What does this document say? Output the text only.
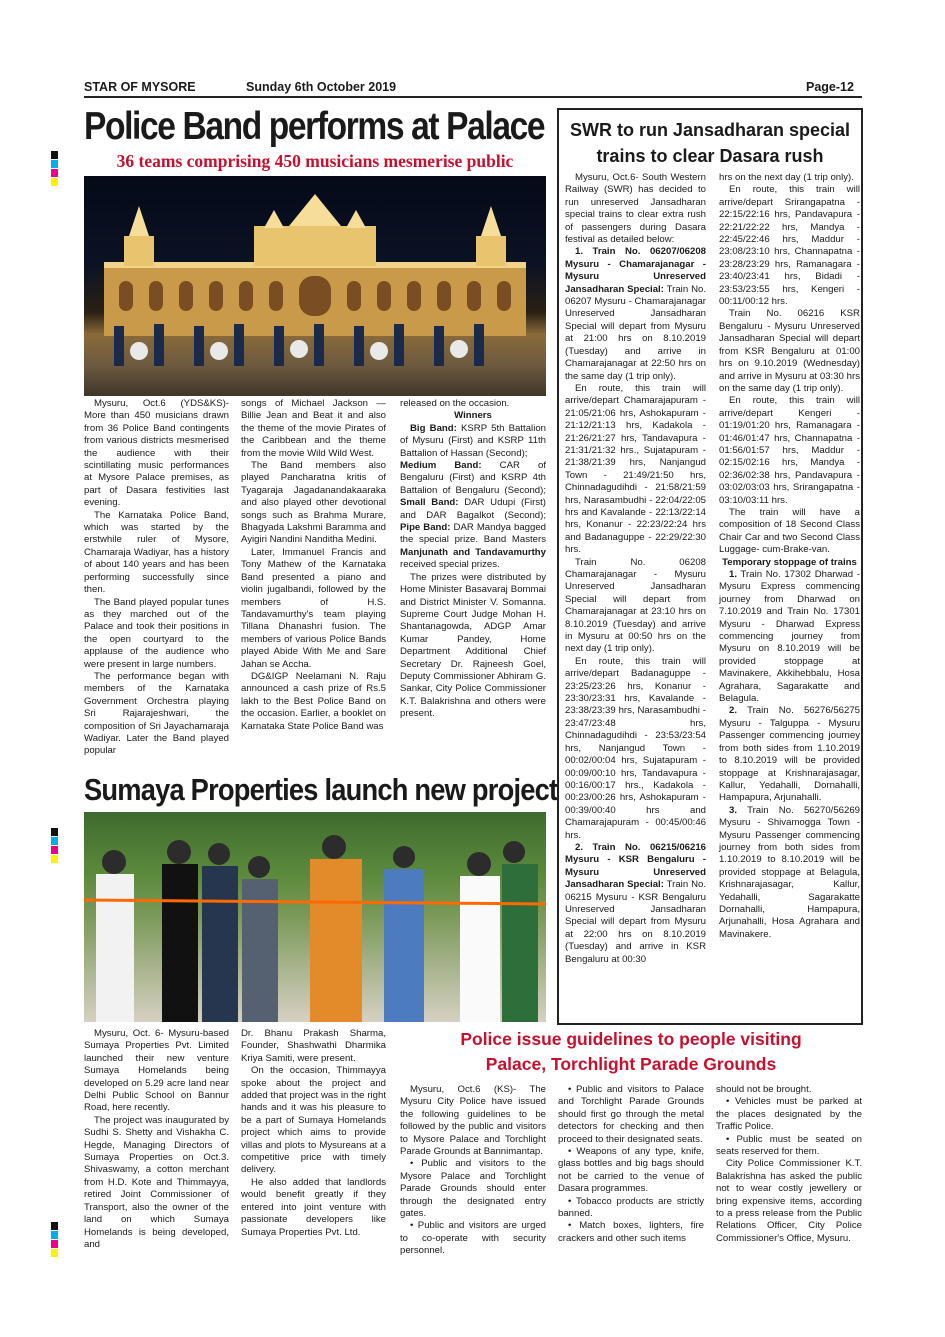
STAR OF MYSORE	Sunday 6th October 2019	Page-12
Police Band performs at Palace
36 teams comprising 450 musicians mesmerise public

Mysuru, Oct.6 (YDS&KS)- More than 450 musicians drawn from 36 Police Band contingents from various districts mesmerised the audience with their scintillating music performances at Mysore Palace premises, as part of Dasara festivities last evening.

The Karnataka Police Band, which was started by the erstwhile ruler of Mysore, Chamaraja Wadiyar, has a history of about 140 years and has been performing successfully since then.

The Band played popular tunes as they marched out of the Palace and took their positions in the open courtyard to the applause of the audience who were present in large numbers.

The performance began with members of the Karnataka Government Orchestra playing Sri Rajarajeshwari, the composition of Sri Jayachamaraja Wadiyar. Later the Band played popular

songs of Michael Jackson — Billie Jean and Beat it and also the theme of the movie Pirates of the Caribbean and the theme from the movie Wild Wild West.

The Band members also played Pancharatna kritis of Tyagaraja Jagadanandakaaraka and also played other devotional songs such as Brahma Murare, Bhagyada Lakshmi Baramma and Ayigiri Nandini Nanditha Medini.

Later, Immanuel Francis and Tony Mathew of the Karnataka Band presented a piano and violin jugalbandi, followed by the members of H.S. Tandavamurthy's team playing Tillana Dhanashri fusion. The members of various Police Bands played Abide With Me and Sare Jahan se Accha.

DG&IGP Neelamani N. Raju announced a cash prize of Rs.5 lakh to the Best Police Band on the occasion. Earlier, a booklet on Karnataka State Police Band was

released on the occasion.

Winners

Big Band: KSRP 5th Battalion of Mysuru (First) and KSRP 11th Battalion of Hassan (Second);

Medium Band: CAR of Bengaluru (First) and KSRP 4th Battalion of Bengaluru (Second); Small Band: DAR Udupi (First) and DAR Bagalkot (Second); Pipe Band: DAR Mandya bagged the special prize. Band Masters Manjunath and Tandavamurthy received special prizes.

The prizes were distributed by Home Minister Basavaraj Bommai and District Minister V. Somanna. Supreme Court Judge Mohan H. Shantanagowda, ADGP Amar Kumar Pandey, Home Department Additional Chief Secretary Dr. Rajneesh Goel, Deputy Commissioner Abhiram G. Sankar, City Police Commissioner K.T. Balakrishna and others were present.

Sumaya Properties launch new project

Mysuru, Oct. 6- Mysuru-based Sumaya Properties Pvt. Limited launched their new venture Sumaya Homelands being developed on 5.29 acre land near Delhi Public School on Bannur Road, here recently.

The project was inaugurated by Sudhi S. Shetty and Vishakha C. Hegde, Managing Directors of Sumaya Properties on Oct.3. Shivaswamy, a cotton merchant from H.D. Kote and Thimmayya, retired Joint Commissioner of Transport, also the owner of the land on which Sumaya Homelands is being developed, and

Dr. Bhanu Prakash Sharma, Founder, Shashwathi Dharmika Kriya Samiti, were present.

On the occasion, Thimmayya spoke about the project and added that project was in the right hands and it was his pleasure to be a part of Sumaya Homelands project which aims to provide villas and plots to Mysureans at a competitive price with timely delivery.

He also added that landlords would benefit greatly if they entered into joint venture with passionate developers like Sumaya Properties Pvt. Ltd.

SWR to run Jansadharan special
trains to clear Dasara rush

Mysuru, Oct.6- South Western Railway (SWR) has decided to run unreserved Jansadharan special trains to clear extra rush of passengers during Dasara festival as detailed below:

1. Train No. 06207/06208 Mysuru - Chamarajanagar - Mysuru Unreserved Jansadharan Special: Train No. 06207 Mysuru - Chamarajanagar Unreserved Jansadharan Special will depart from Mysuru at 21:00 hrs on 8.10.2019 (Tuesday) and arrive in Chamarajanagar at 22:50 hrs on the same day (1 trip only).

En route, this train will arrive/depart Chamarajapuram - 21:05/21:06 hrs, Ashokapuram - 21:12/21:13 hrs, Kadakola - 21:26/21:27 hrs, Tandavapura - 21:31/21:32 hrs., Sujatapuram - 21:38/21:39 hrs, Nanjangud Town - 21:49/21:50 hrs, Chinnadagudihdi - 21:58/21:59 hrs, Narasambudhi - 22:04/22:05 hrs and Kavalande - 22:13/22:14 hrs, Konanur - 22:23/22:24 hrs and Badanaguppe - 22:29/22:30 hrs.

Train No. 06208 Chamarajanagar - Mysuru Unreserved Jansadharan Special will depart from Chamarajanagar at 23:10 hrs on 8.10.2019 (Tuesday) and arrive in Mysuru at 00:50 hrs on the next day (1 trip only).

En route, this train will arrive/depart Badanaguppe - 23:25/23:26 hrs, Konanur - 23:30/23:31 hrs, Kavalande - 23:38/23:39 hrs, Narasambudhi - 23:47/23:48 hrs, Chinnadagudihdi - 23:53/23:54 hrs, Nanjangud Town - 00:02/00:04 hrs, Sujatapuram - 00:09/00:10 hrs, Tandavapura - 00:16/00:17 hrs., Kadakola - 00:23/00:26 hrs, Ashokapuram - 00:39/00:40 hrs and Chamarajapuram - 00:45/00:46 hrs.

2. Train No. 06215/06216 Mysuru - KSR Bengaluru - Mysuru Unreserved Jansadharan Special: Train No. 06215 Mysuru - KSR Bengaluru Unreserved Jansadharan Special will depart from Mysuru at 22:00 hrs on 8.10.2019 (Tuesday) and arrive in KSR Bengaluru at 00:30

hrs on the next day (1 trip only).

En route, this train will arrive/depart Srirangapatna - 22:15/22:16 hrs, Pandavapura - 22:21/22:22 hrs, Mandya - 22:45/22:46 hrs, Maddur - 23:08/23:10 hrs, Channapatna - 23:28/23:29 hrs, Ramanagara - 23:40/23:41 hrs, Bidadi - 23:53/23:55 hrs, Kengeri - 00:11/00:12 hrs.

Train No. 06216 KSR Bengaluru - Mysuru Unreserved Jansadharan Special will depart from KSR Bengaluru at 01:00 hrs on 9.10.2019 (Wednesday) and arrive in Mysuru at 03:30 hrs on the same day (1 trip only).

En route, this train will arrive/depart Kengeri - 01:19/01:20 hrs, Ramanagara - 01:46/01:47 hrs, Channapatna - 01:56/01:57 hrs, Maddur - 02:15/02:16 hrs, Mandya - 02:36/02:38 hrs, Pandavapura - 03:02/03:03 hrs, Srirangapatna - 03:10/03:11 hrs.

The train will have a composition of 18 Second Class Chair Car and two Second Class Luggage- cum-Brake-van.

Temporary stoppage of trains

1. Train No. 17302 Dharwad - Mysuru Express commencing journey from Dharwad on 7.10.2019 and Train No. 17301 Mysuru - Dharwad Express commencing journey from Mysuru on 8.10.2019 will be provided stoppage at Mavinakere, Akkihebbalu, Hosa Agrahara, Sagarakatte and Belagula.

2. Train No. 56276/56275 Mysuru - Talguppa - Mysuru Passenger commencing journey from both sides from 1.10.2019 to 8.10.2019 will be provided stoppage at Krishnarajasagar, Kallur, Yedahalli, Dornahalli, Hampapura, Arjunahalli.

3. Train No. 56270/56269 Mysuru - Shivamogga Town - Mysuru Passenger commencing journey from both sides from 1.10.2019 to 8.10.2019 will be provided stoppage at Belagula, Krishnarajasagar, Kallur, Yedahalli, Sagarakatte Dornahalli, Hampapura, Arjunahalli, Hosa Agrahara and Mavinakere.

Police issue guidelines to people visiting
Palace, Torchlight Parade Grounds

Mysuru, Oct.6 (KS)- The Mysuru City Police have issued the following guidelines to be followed by the public and visitors to Mysore Palace and Torchlight Parade Grounds at Bannimantap.

• Public and visitors to the Mysore Palace and Torchlight Parade Grounds should enter through the designated entry gates.

• Public and visitors are urged to co-operate with security personnel.

• Public and visitors to Palace and Torchlight Parade Grounds should first go through the metal detectors for checking and then proceed to their designated seats.

• Weapons of any type, knife, glass bottles and big bags should not be carried to the venue of Dasara programmes.

• Tobacco products are strictly banned.

• Match boxes, lighters, fire crackers and other such items

should not be brought.

• Vehicles must be parked at the places designated by the Traffic Police.

• Public must be seated on seats reserved for them.

City Police Commissioner K.T. Balakrishna has asked the public not to wear costly jewellery or bring expensive items, according to a press release from the Public Relations Officer, City Police Commissioner's Office, Mysuru.
